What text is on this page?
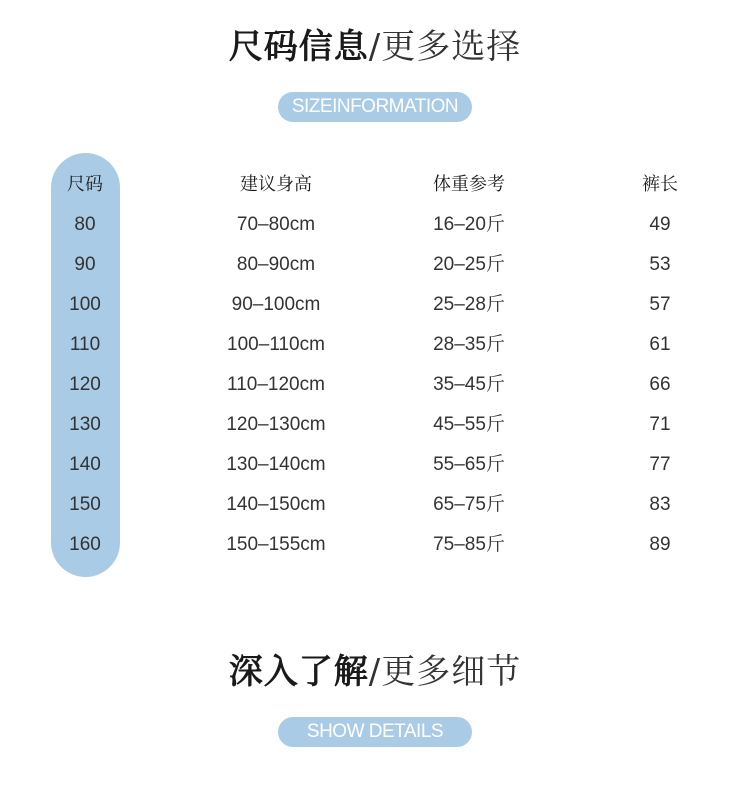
尺码信息/更多选择
SIZEINFORMATION
尺码	建议身高	体重参考	裤长
80	70–80cm	16–20斤	49
90	80–90cm	20–25斤	53
100	90–100cm	25–28斤	57
110	100–110cm	28–35斤	61
120	110–120cm	35–45斤	66
130	120–130cm	45–55斤	71
140	130–140cm	55–65斤	77
150	140–150cm	65–75斤	83
160	150–155cm	75–85斤	89
深入了解/更多细节
SHOW DETAILS
